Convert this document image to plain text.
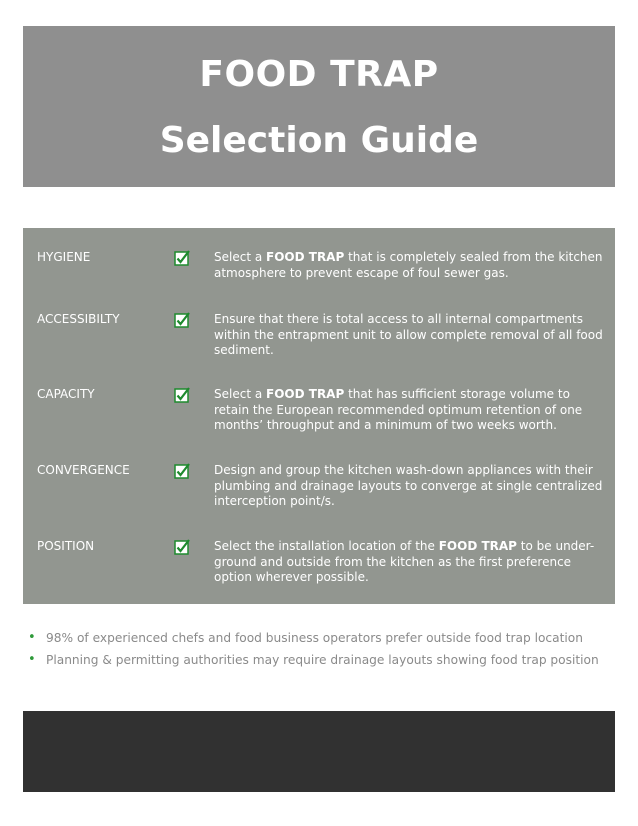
FOOD TRAP
Selection Guide
HYGIENE	Select a FOOD TRAP that is completely sealed from the kitchen atmosphere to prevent escape of foul sewer gas.
ACCESSIBILTY	Ensure that there is total access to all internal compartments within the entrapment unit to allow complete removal of all food sediment.
CAPACITY	Select a FOOD TRAP that has sufficient storage volume to retain the European recommended optimum retention of one months’ throughput and a minimum of two weeks worth.
CONVERGENCE	Design and group the kitchen wash-down appliances with their plumbing and drainage layouts to converge at single centralized interception point/s.
POSITION	Select the installation location of the FOOD TRAP to be under-ground and outside from the kitchen as the first preference option wherever possible.
• 98% of experienced chefs and food business operators prefer outside food trap location
• Planning & permitting authorities may require drainage layouts showing food trap position
